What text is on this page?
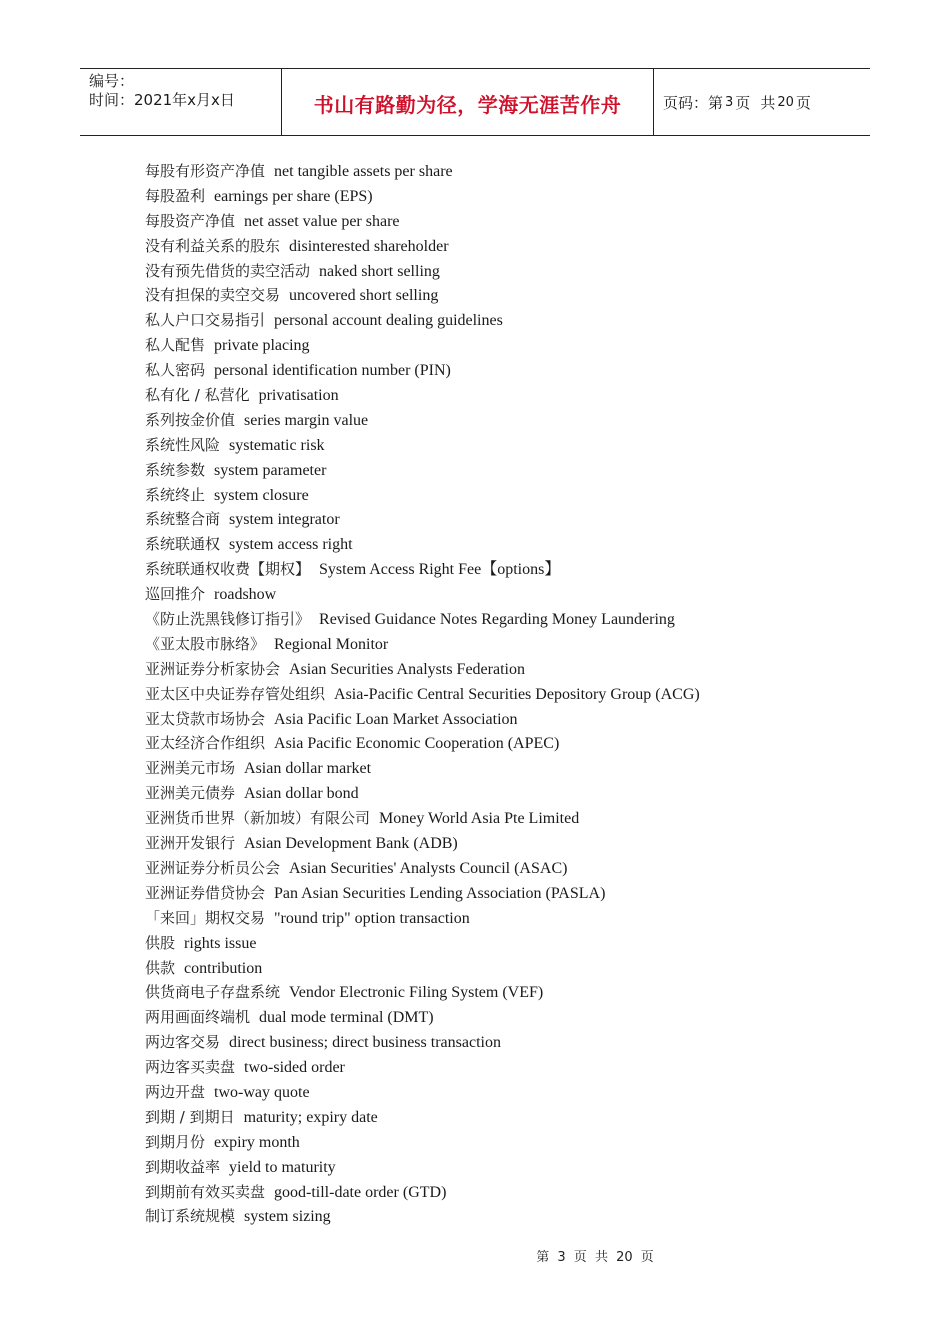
编号：
时间：2021年x月x日	书山有路勤为径，学海无涯苦作舟	页码：第 3 页 共 20 页
每股有形资产净值 net tangible assets per share
每股盈利 earnings per share (EPS)
每股资产净值 net asset value per share
没有利益关系的股东 disinterested shareholder
没有预先借货的卖空活动 naked short selling
没有担保的卖空交易 uncovered short selling
私人户口交易指引 personal account dealing guidelines
私人配售 private placing
私人密码 personal identification number (PIN)
私有化 / 私营化 privatisation
系列按金价值 series margin value
系统性风险 systematic risk
系统参数 system parameter
系统终止 system closure
系统整合商 system integrator
系统联通权 system access right
系统联通权收费【期权】 System Access Right Fee【options】
巡回推介 roadshow
《防止洗黑钱修订指引》 Revised Guidance Notes Regarding Money Laundering
《亚太股市脉络》 Regional Monitor
亚洲证券分析家协会 Asian Securities Analysts Federation
亚太区中央证券存管处组织 Asia-Pacific Central Securities Depository Group (ACG)
亚太贷款市场协会 Asia Pacific Loan Market Association
亚太经济合作组织 Asia Pacific Economic Cooperation (APEC)
亚洲美元市场 Asian dollar market
亚洲美元债券 Asian dollar bond
亚洲货币世界（新加坡）有限公司 Money World Asia Pte Limited
亚洲开发银行 Asian Development Bank (ADB)
亚洲证券分析员公会 Asian Securities' Analysts Council (ASAC)
亚洲证券借贷协会 Pan Asian Securities Lending Association (PASLA)
「来回」期权交易 "round trip" option transaction
供股 rights issue
供款 contribution
供货商电子存盘系统 Vendor Electronic Filing System (VEF)
两用画面终端机 dual mode terminal (DMT)
两边客交易 direct business; direct business transaction
两边客买卖盘 two-sided order
两边开盘 two-way quote
到期 / 到期日 maturity; expiry date
到期月份 expiry month
到期收益率 yield to maturity
到期前有效买卖盘 good-till-date order (GTD)
制订系统规模 system sizing
第 3 页 共 20 页
